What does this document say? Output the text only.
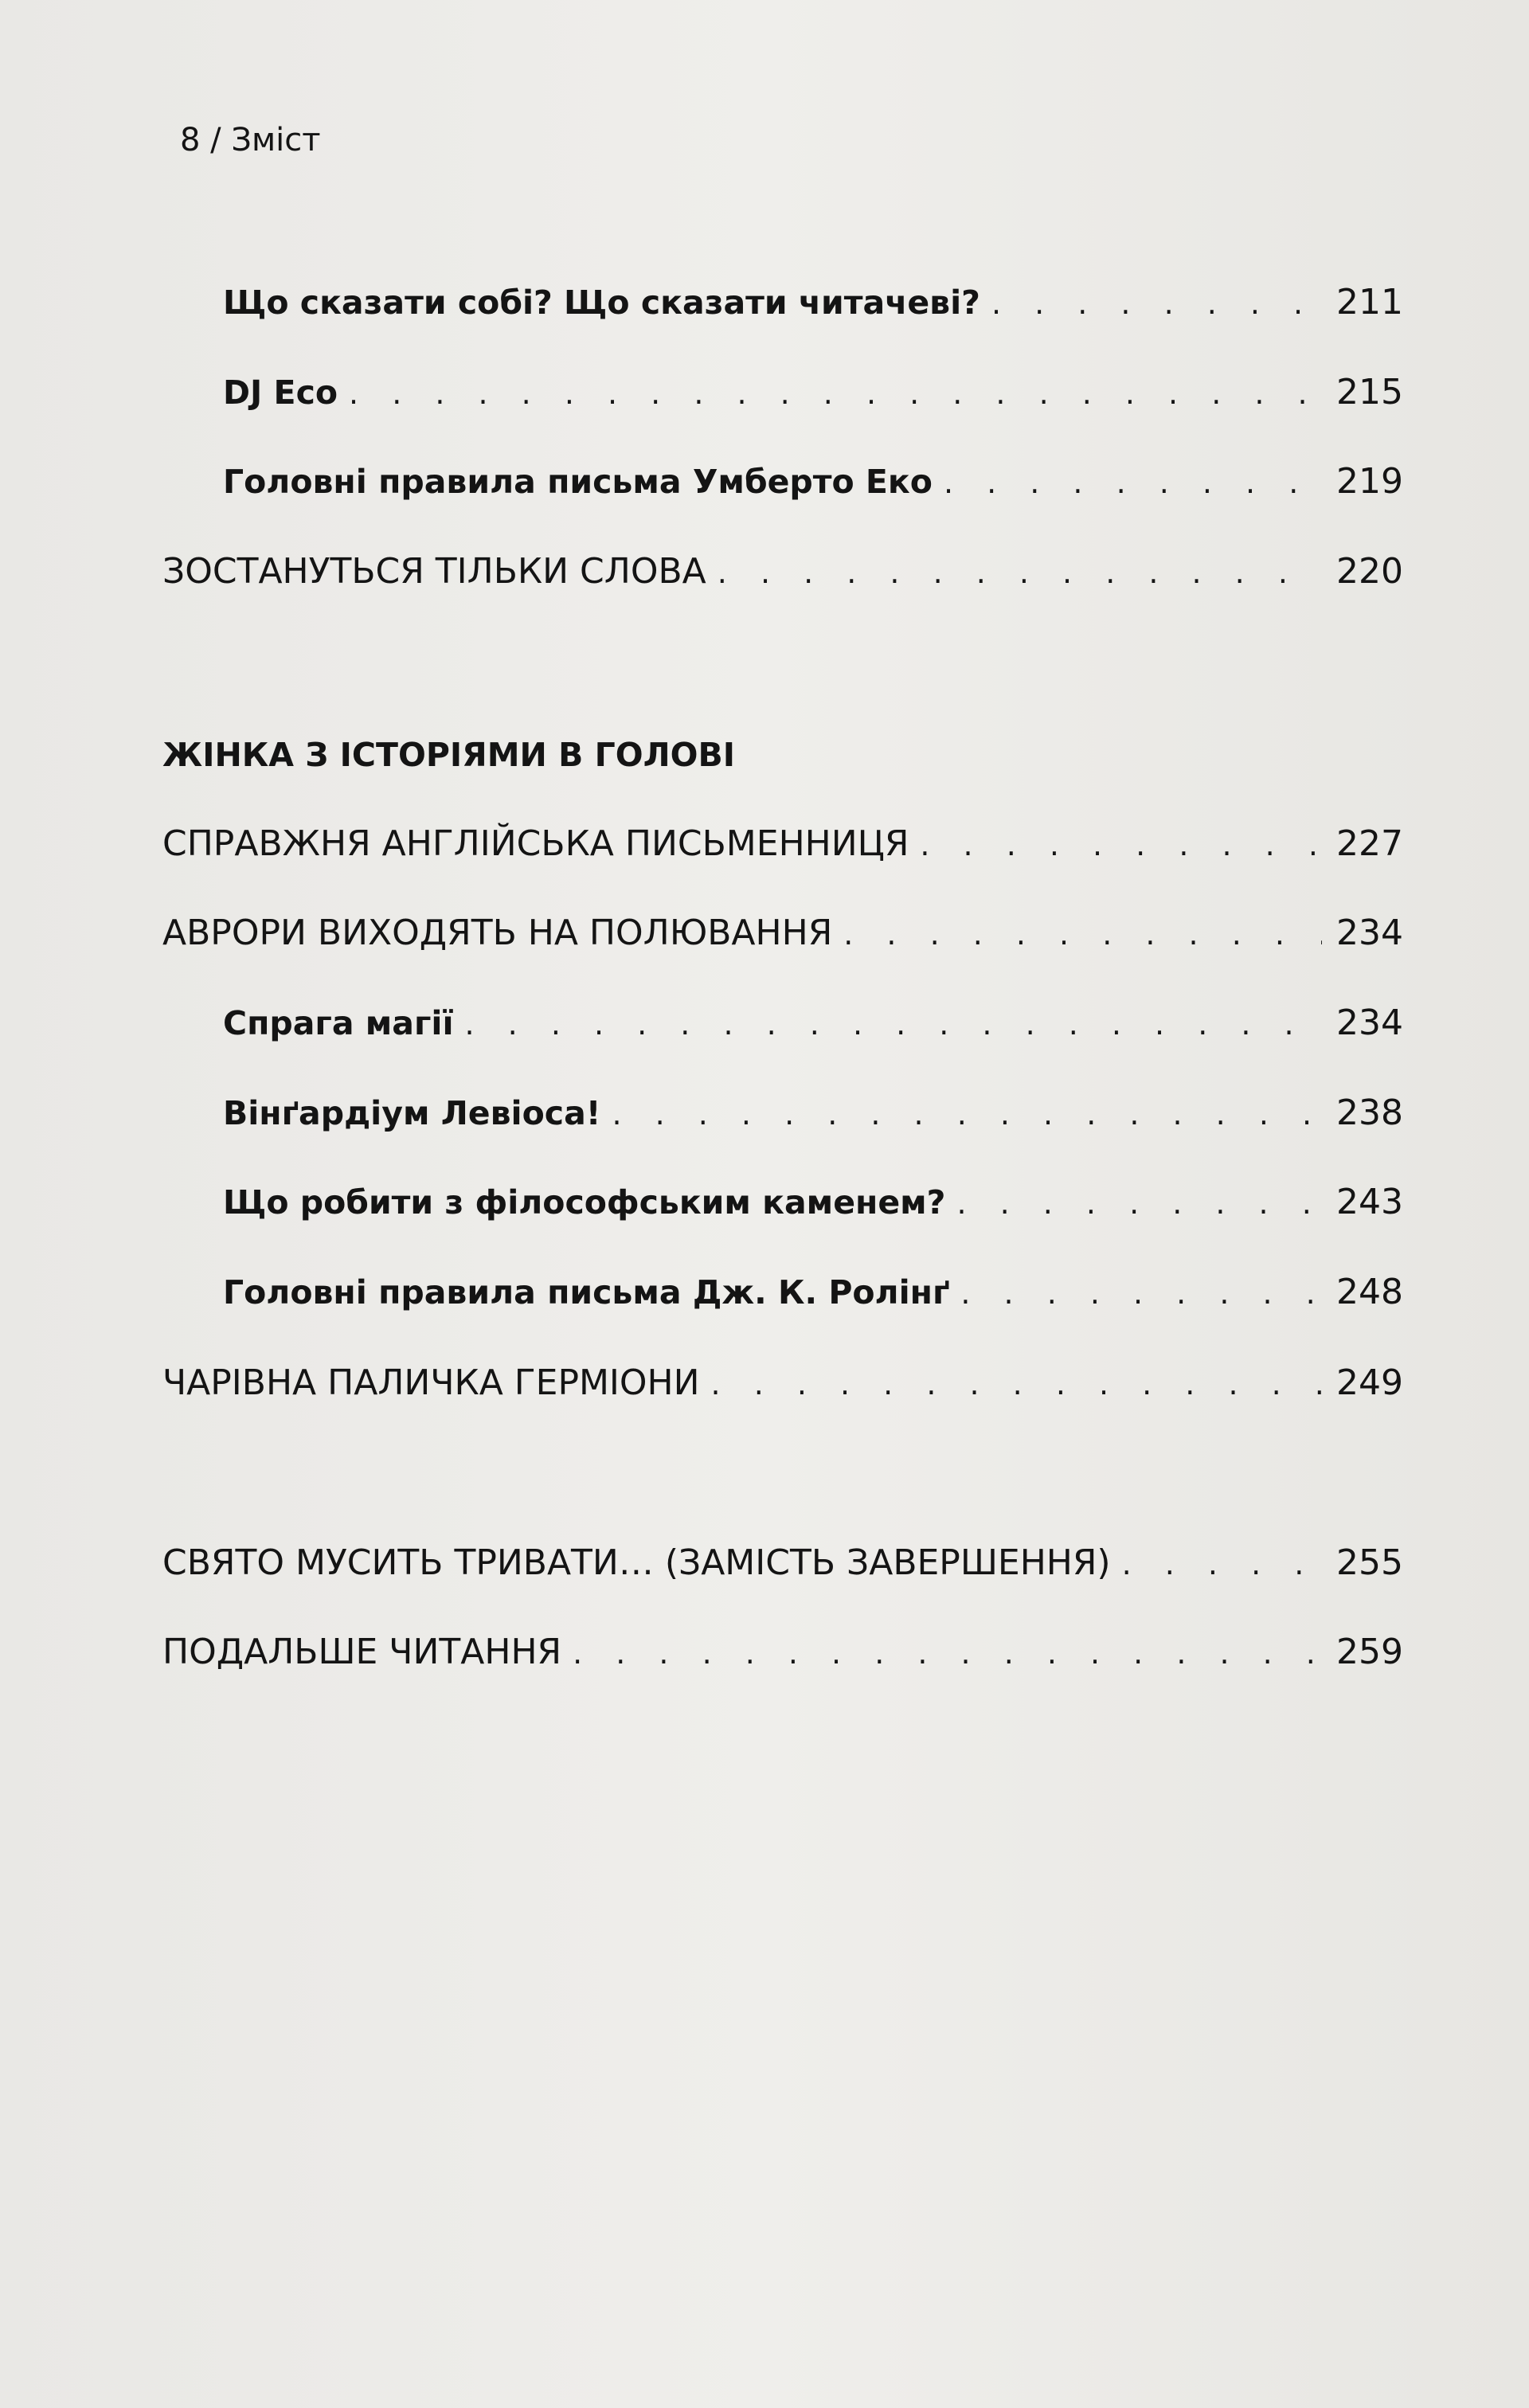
8 / Зміст
Що сказати собі? Що сказати читачеві? . . .	211
DJ Eco . . .	215
Головні правила письма Умберто Еко . . .	219
ЗОСТАНУТЬСЯ ТІЛЬКИ СЛОВА . . .	220
ЖІНКА З ІСТОРІЯМИ В ГОЛОВІ
СПРАВЖНЯ АНГЛІЙСЬКА ПИСЬМЕННИЦЯ . . .	227
АВРОРИ ВИХОДЯТЬ НА ПОЛЮВАННЯ . . .	234
Спрага магії . . .	234
Вінґардіум Левіоса! . . .	238
Що робити з філософським каменем? . . .	243
Головні правила письма Дж. К. Ролінґ . . .	248
ЧАРІВНА ПАЛИЧКА ГЕРМІОНИ . . .	249
СВЯТО МУСИТЬ ТРИВАТИ… (ЗАМІСТЬ ЗАВЕРШЕННЯ) . . .	255
ПОДАЛЬШЕ ЧИТАННЯ . . .	259
